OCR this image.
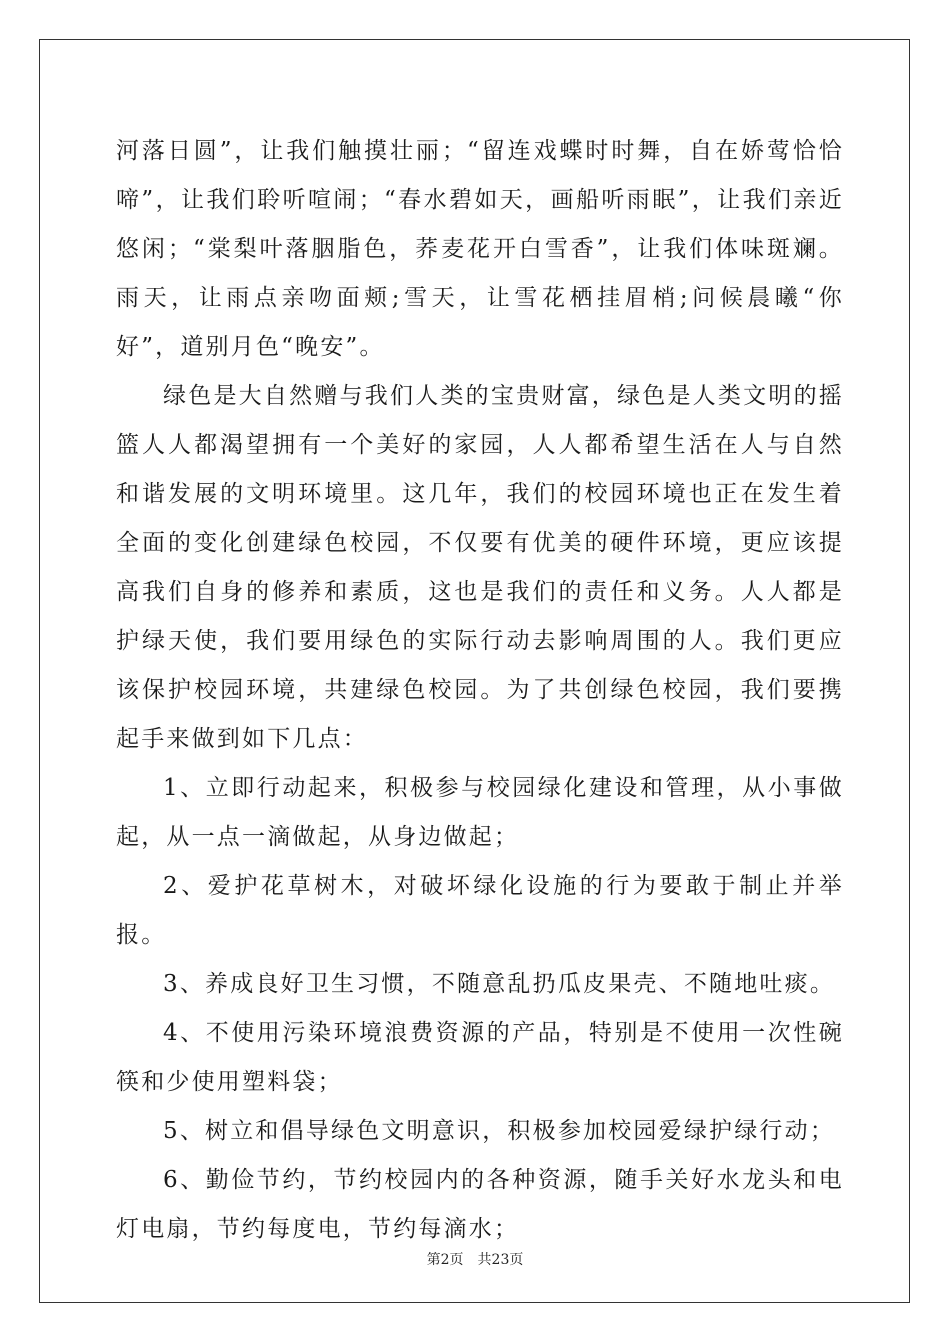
河落日圆”，让我们触摸壮丽；“留连戏蝶时时舞，自在娇莺恰恰啼”，让我们聆听喧闹；“春水碧如天，画船听雨眠”，让我们亲近悠闲；“棠梨叶落胭脂色，荞麦花开白雪香”，让我们体味斑斓。雨天，让雨点亲吻面颊;雪天，让雪花栖挂眉梢;问候晨曦“你好”，道别月色“晚安”。

绿色是大自然赠与我们人类的宝贵财富，绿色是人类文明的摇篮人人都渴望拥有一个美好的家园，人人都希望生活在人与自然和谐发展的文明环境里。这几年，我们的校园环境也正在发生着全面的变化创建绿色校园，不仅要有优美的硬件环境，更应该提高我们自身的修养和素质，这也是我们的责任和义务。人人都是护绿天使，我们要用绿色的实际行动去影响周围的人。我们更应该保护校园环境，共建绿色校园。为了共创绿色校园，我们要携起手来做到如下几点：

1、立即行动起来，积极参与校园绿化建设和管理，从小事做起，从一点一滴做起，从身边做起；

2、爱护花草树木，对破坏绿化设施的行为要敢于制止并举报。

3、养成良好卫生习惯，不随意乱扔瓜皮果壳、不随地吐痰。

4、不使用污染环境浪费资源的产品，特别是不使用一次性碗筷和少使用塑料袋；

5、树立和倡导绿色文明意识，积极参加校园爱绿护绿行动；

6、勤俭节约，节约校园内的各种资源，随手关好水龙头和电灯电扇，节约每度电，节约每滴水；

第2页 共23页
